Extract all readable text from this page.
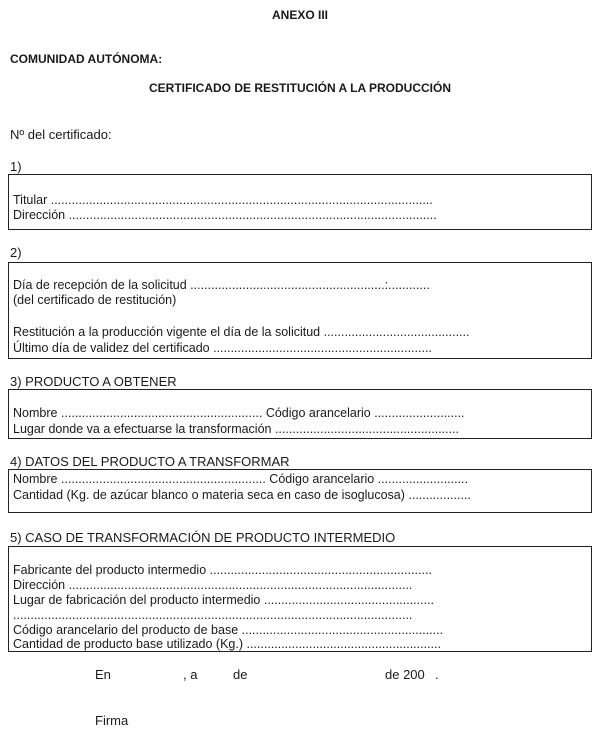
ANEXO III
COMUNIDAD AUTÓNOMA:
CERTIFICADO DE RESTITUCIÓN A LA PRODUCCIÓN
Nº del certificado:
1)
Titular ..............................................................................................................
Dirección ..........................................................................................................
2)
Día de recepción de la solicitud ........................................................:............
(del certificado de restitución)
Restitución a la producción vigente el día de la solicitud ..........................................
Último día de validez del certificado ...............................................................
3) PRODUCTO A OBTENER
Nombre .......................................................... Código arancelario ..........................
Lugar donde va a efectuarse la transformación .....................................................
4) DATOS DEL PRODUCTO A TRANSFORMAR
Nombre ........................................................... Código arancelario ..........................
Cantidad (Kg. de azúcar blanco o materia seca en caso de isoglucosa) ..................
5) CASO DE TRANSFORMACIÓN DE PRODUCTO INTERMEDIO
Fabricante del producto intermedio ................................................................
Dirección ...................................................................................................
Lugar de fabricación del producto intermedio .................................................
...................................................................................................................
Código arancelario del producto de base ..........................................................
Cantidad de producto base utilizado (Kg.) ........................................................
En	, a	de	de 200 .
Firma
